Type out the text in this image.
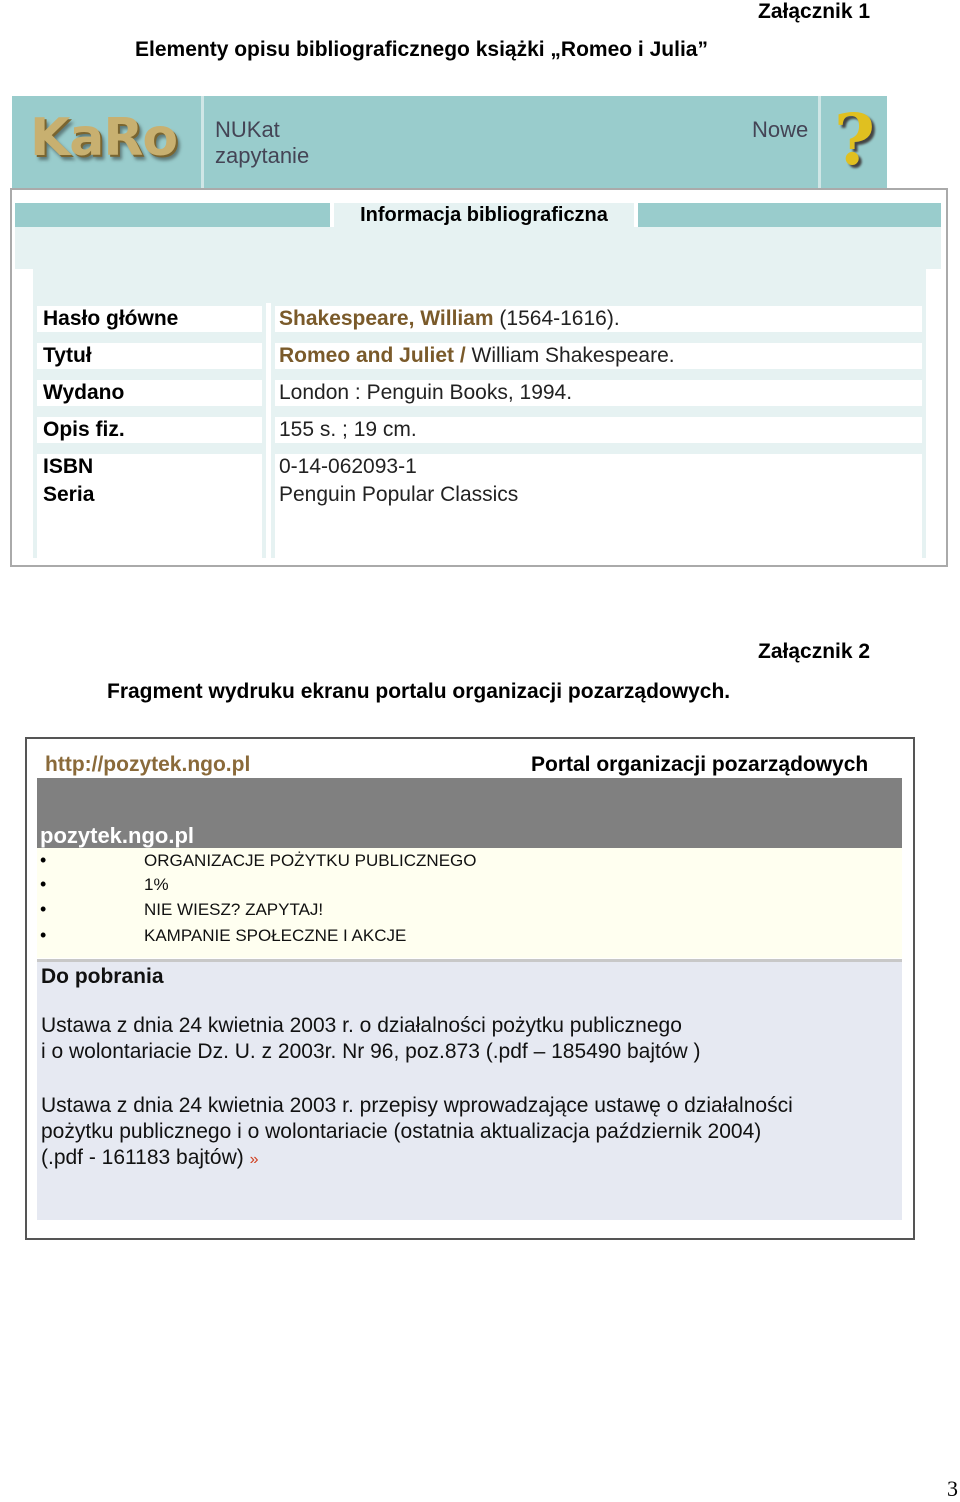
Załącznik 1
Elementy opisu bibliograficznego książki „Romeo i Julia”
KaRo NUKat
zapytanie
Nowe ?
Informacja bibliograficzna
Hasło główne	Shakespeare, William (1564-1616).
Tytuł	Romeo and Juliet / William Shakespeare.
Wydano	London : Penguin Books, 1994.
Opis fiz.	155 s. ; 19 cm.
ISBN	0-14-062093-1
Seria	Penguin Popular Classics
Załącznik 2
Fragment wydruku ekranu portalu organizacji pozarządowych.
http://pozytek.ngo.pl	Portal organizacji pozarządowych
pozytek.ngo.pl
•	ORGANIZACJE POŻYTKU PUBLICZNEGO
•	1%
•	NIE WIESZ? ZAPYTAJ!
•	KAMPANIE SPOŁECZNE I AKCJE
Do pobrania
Ustawa z dnia 24 kwietnia 2003 r. o działalności pożytku publicznego
i o wolontariacie Dz. U. z 2003r. Nr 96, poz.873 (.pdf – 185490 bajtów )
Ustawa z dnia 24 kwietnia 2003 r. przepisy wprowadzające ustawę o działalności
pożytku publicznego i o wolontariacie (ostatnia aktualizacja październik 2004)
(.pdf - 161183 bajtów) »
3
